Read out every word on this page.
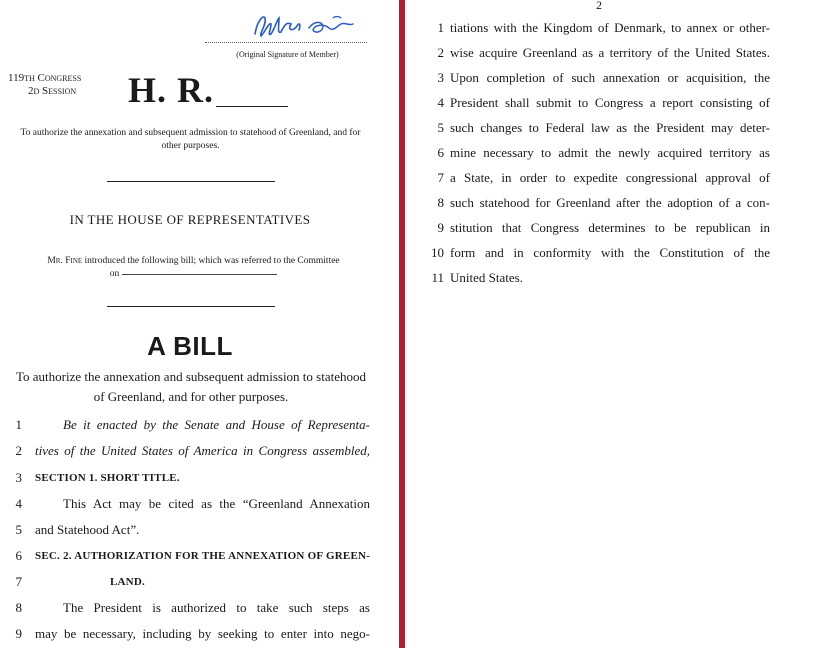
(Original Signature of Member)
119th Congress
2d Session H. R.
To authorize the annexation and subsequent admission to statehood of Greenland, and for other purposes.
IN THE HOUSE OF REPRESENTATIVES
Mr. Fine introduced the following bill; which was referred to the Committee
on
A BILL
To authorize the annexation and subsequent admission to statehood of Greenland, and for other purposes.
1	Be it enacted by the Senate and House of Representa-
2 tives of the United States of America in Congress assembled,
3 SECTION 1. SHORT TITLE.
4	This Act may be cited as the “Greenland Annexation
5 and Statehood Act”.
6 SEC. 2. AUTHORIZATION FOR THE ANNEXATION OF GREEN-
7	LAND.
8	The President is authorized to take such steps as
9 may be necessary, including by seeking to enter into nego-
2
1 tiations with the Kingdom of Denmark, to annex or other-
2 wise acquire Greenland as a territory of the United States.
3 Upon completion of such annexation or acquisition, the
4 President shall submit to Congress a report consisting of
5 such changes to Federal law as the President may deter-
6 mine necessary to admit the newly acquired territory as
7 a State, in order to expedite congressional approval of
8 such statehood for Greenland after the adoption of a con-
9 stitution that Congress determines to be republican in
10 form and in conformity with the Constitution of the
11 United States.
